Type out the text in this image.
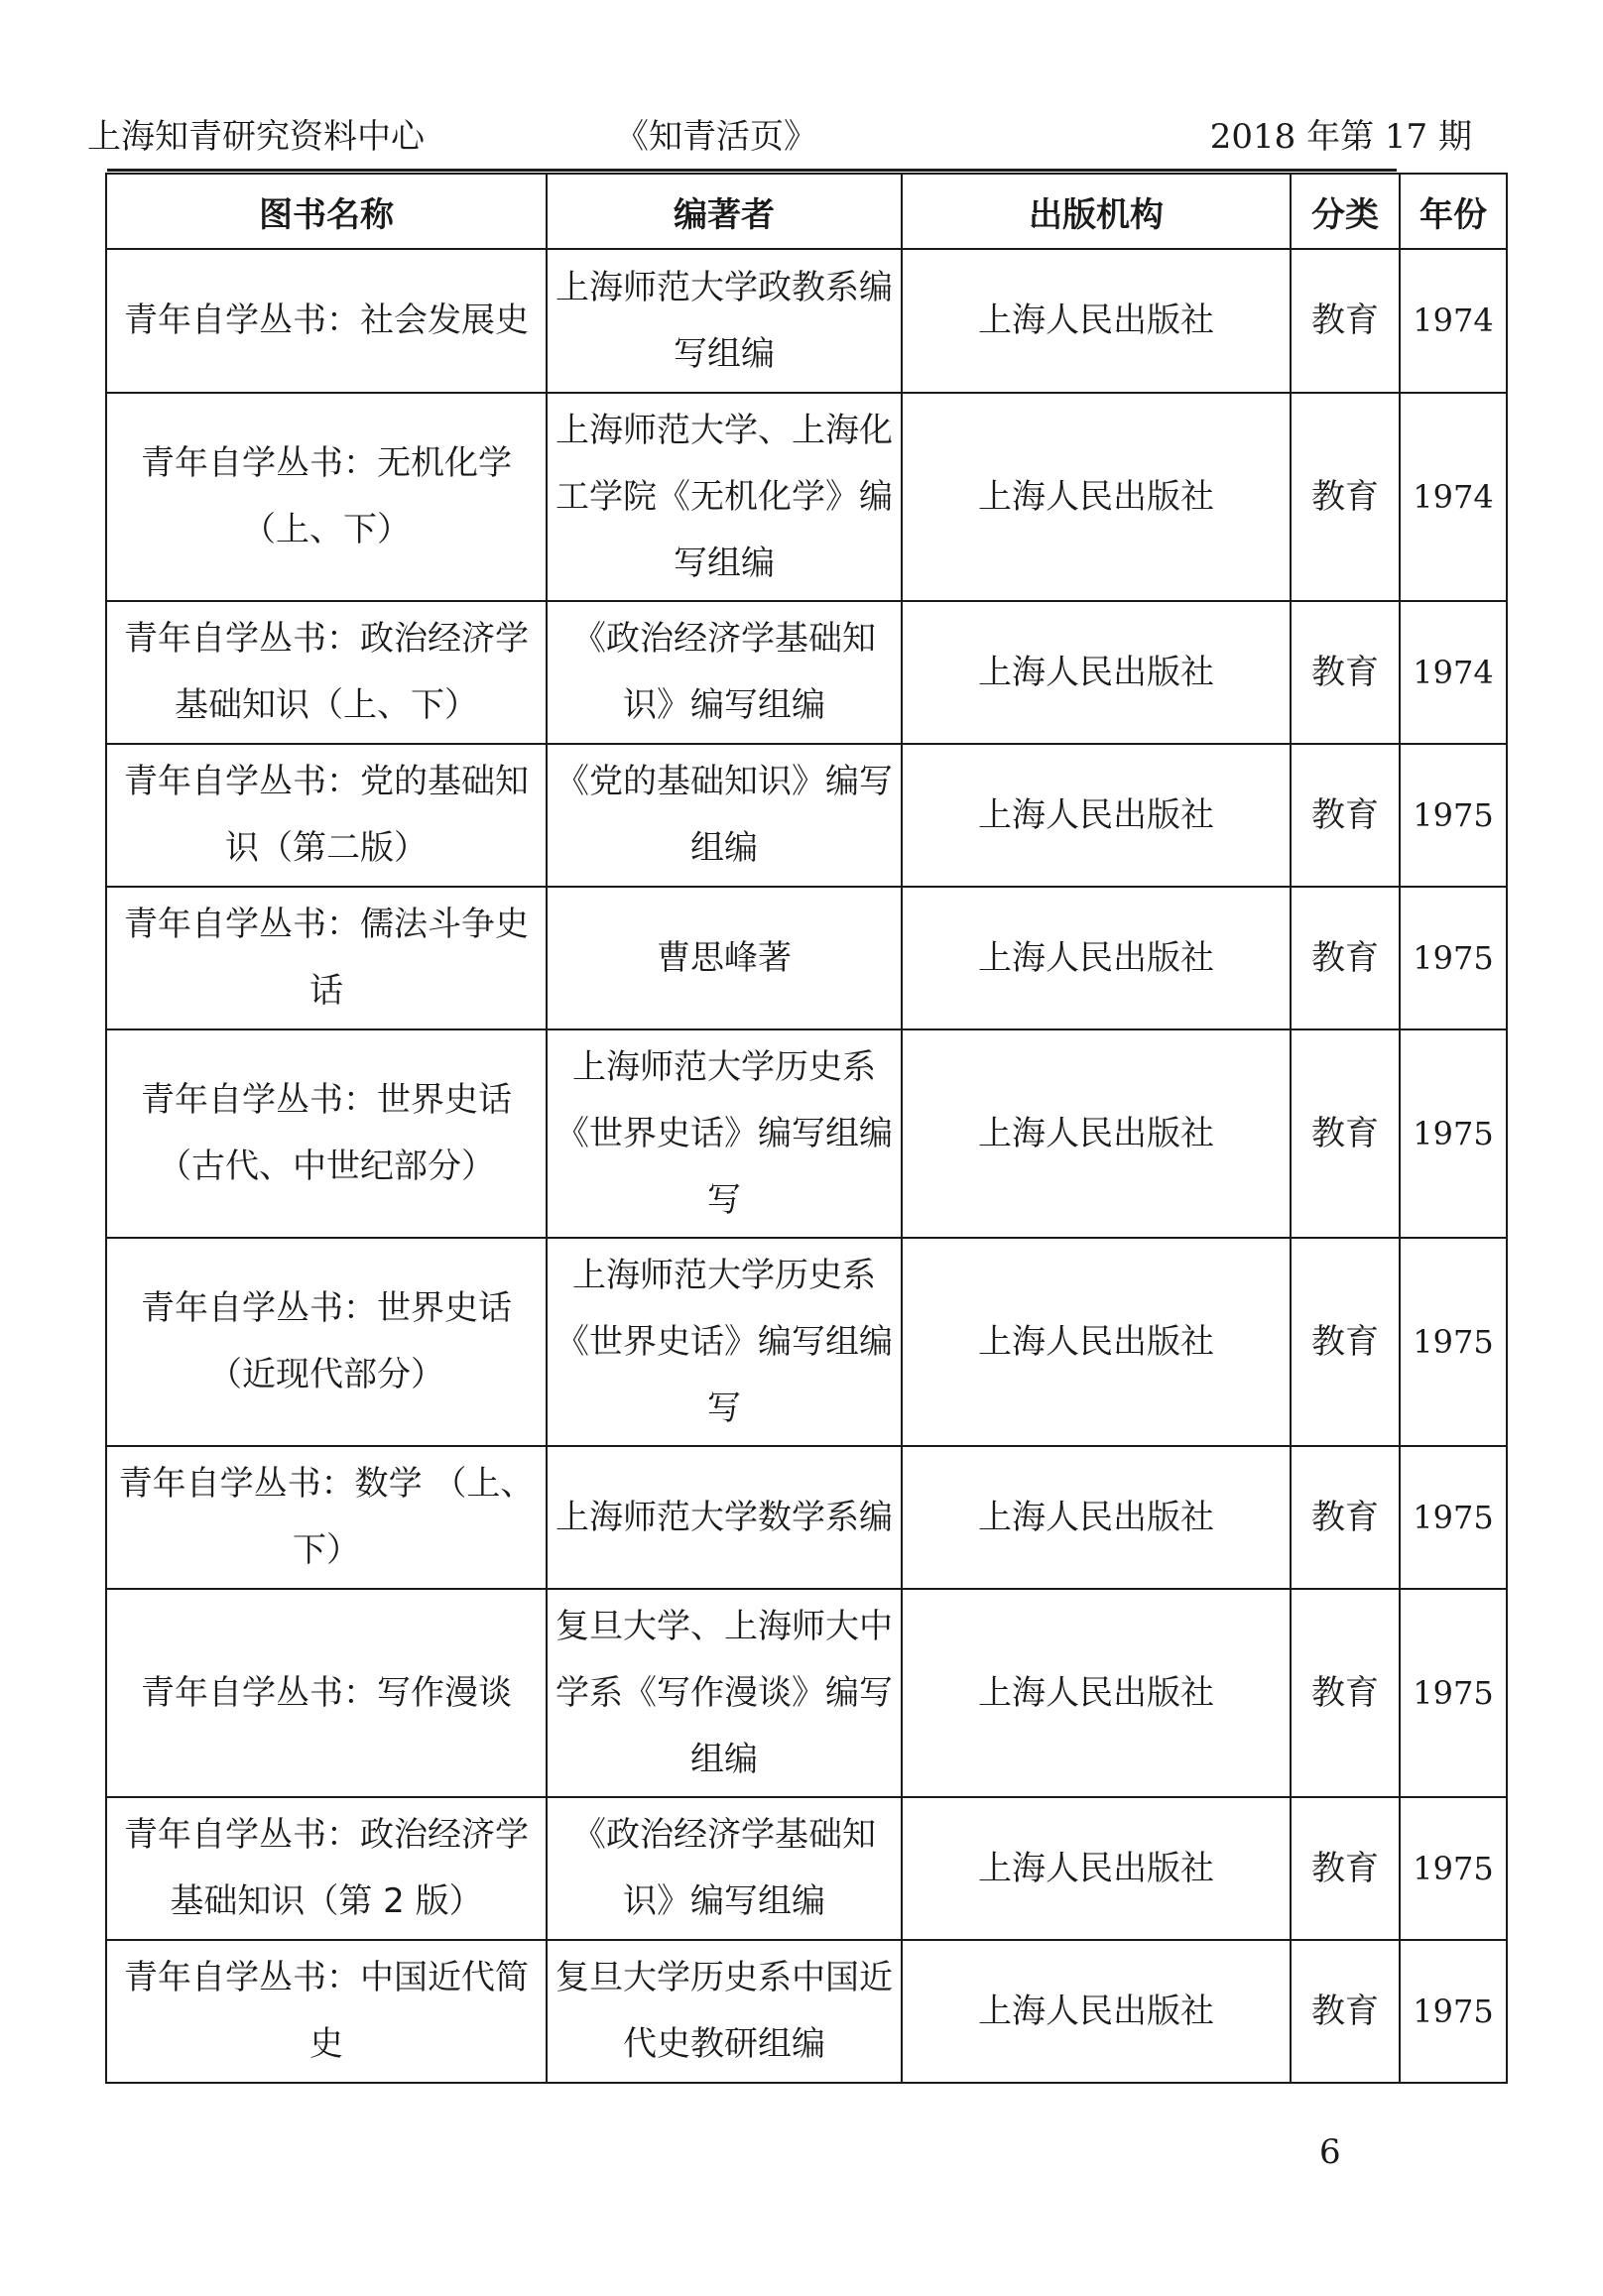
上海知青研究资料中心	《知青活页》	2018 年第 17 期
图书名称	编著者	出版机构	分类	年份
青年自学丛书：社会发展史	上海师范大学政教系编写组编	上海人民出版社	教育	1974
青年自学丛书：无机化学（上、下）	上海师范大学、上海化工学院《无机化学》编写组编	上海人民出版社	教育	1974
青年自学丛书：政治经济学基础知识（上、下）	《政治经济学基础知识》编写组编	上海人民出版社	教育	1974
青年自学丛书：党的基础知识（第二版）	《党的基础知识》编写组编	上海人民出版社	教育	1975
青年自学丛书：儒法斗争史话	曹思峰著	上海人民出版社	教育	1975
青年自学丛书：世界史话（古代、中世纪部分）	上海师范大学历史系《世界史话》编写组编写	上海人民出版社	教育	1975
青年自学丛书：世界史话（近现代部分）	上海师范大学历史系《世界史话》编写组编写	上海人民出版社	教育	1975
青年自学丛书：数学 （上、下）	上海师范大学数学系编	上海人民出版社	教育	1975
青年自学丛书：写作漫谈	复旦大学、上海师大中学系《写作漫谈》编写组编	上海人民出版社	教育	1975
青年自学丛书：政治经济学基础知识（第 2 版）	《政治经济学基础知识》编写组编	上海人民出版社	教育	1975
青年自学丛书：中国近代简史	复旦大学历史系中国近代史教研组编	上海人民出版社	教育	1975
6
